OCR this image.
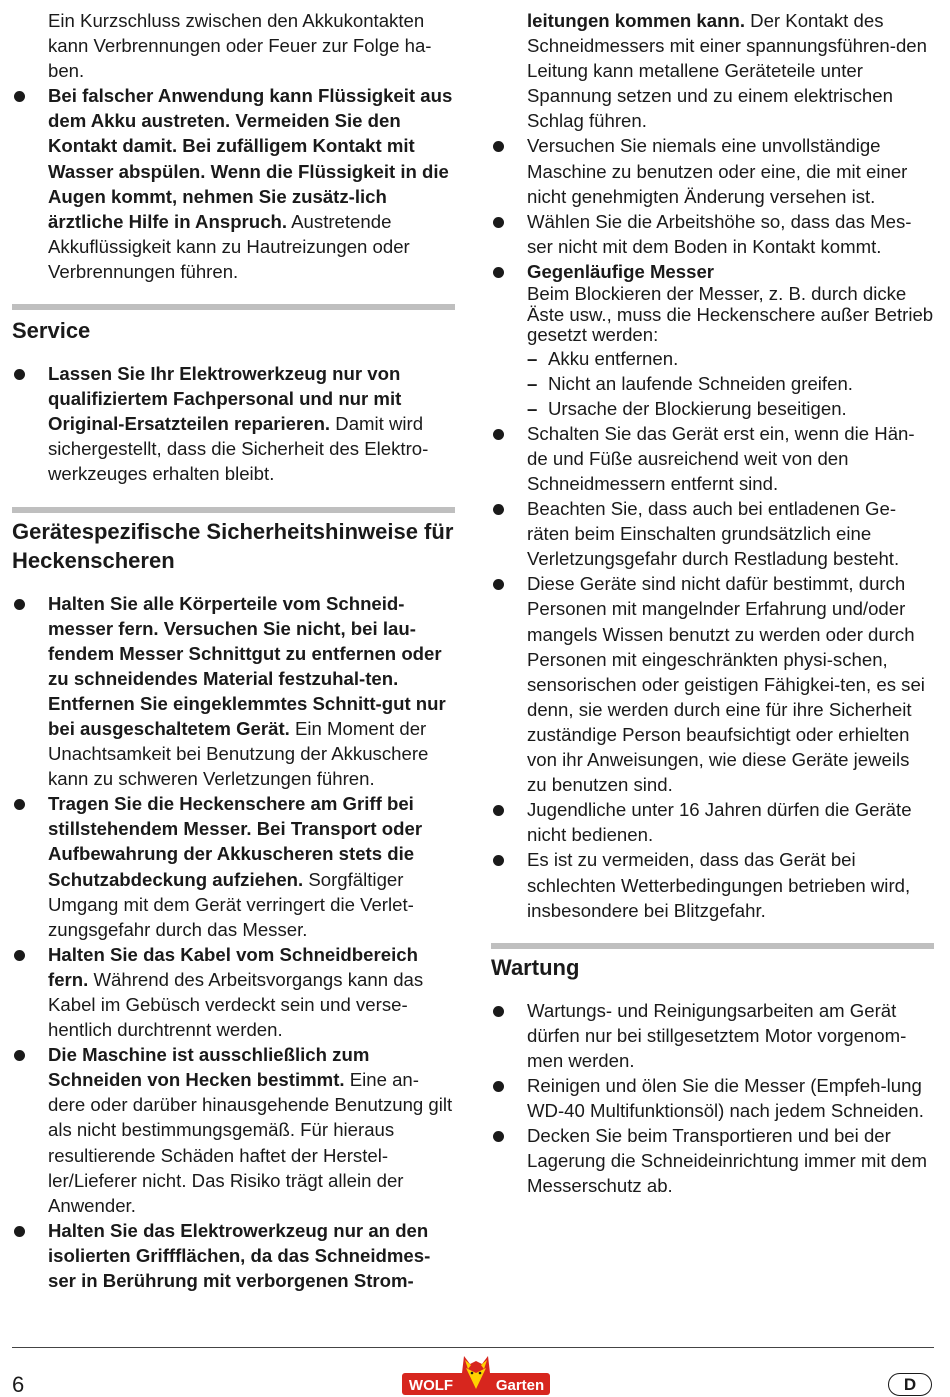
Ein Kurzschluss zwischen den Akkukontakten kann Verbrennungen oder Feuer zur Folge ha-ben.

Bei falscher Anwendung kann Flüssigkeit aus dem Akku austreten. Vermeiden Sie den Kontakt damit. Bei zufälligem Kontakt mit Wasser abspülen. Wenn die Flüssigkeit in die Augen kommt, nehmen Sie zusätz-lich ärztliche Hilfe in Anspruch. Austretende Akkuflüssigkeit kann zu Hautreizungen oder Verbrennungen führen.
Service
Lassen Sie Ihr Elektrowerkzeug nur von qualifiziertem Fachpersonal und nur mit Original-Ersatzteilen reparieren. Damit wird sichergestellt, dass die Sicherheit des Elektro-werkzeuges erhalten bleibt.
Gerätespezifische Sicherheitshinweise für Heckenscheren
Halten Sie alle Körperteile vom Schneid-messer fern. Versuchen Sie nicht, bei lau-fendem Messer Schnittgut zu entfernen oder zu schneidendes Material festzuhal-ten. Entfernen Sie eingeklemmtes Schnitt-gut nur bei ausgeschaltetem Gerät. Ein Moment der Unachtsamkeit bei Benutzung der Akkuschere kann zu schweren Verletzungen führen.
Tragen Sie die Heckenschere am Griff bei stillstehendem Messer. Bei Transport oder Aufbewahrung der Akkuscheren stets die Schutzabdeckung aufziehen. Sorgfältiger Umgang mit dem Gerät verringert die Verlet-zungsgefahr durch das Messer.
Halten Sie das Kabel vom Schneidbereich fern. Während des Arbeitsvorgangs kann das Kabel im Gebüsch verdeckt sein und verse-hentlich durchtrennt werden.
Die Maschine ist ausschließlich zum Schneiden von Hecken bestimmt. Eine an-dere oder darüber hinausgehende Benutzung gilt als nicht bestimmungsgemäß. Für hieraus resultierende Schäden haftet der Herstel-ler/Lieferer nicht. Das Risiko trägt allein der Anwender.
Halten Sie das Elektrowerkzeug nur an den isolierten Griffflächen, da das Schneidmes-ser in Berührung mit verborgenen Strom-

leitungen kommen kann. Der Kontakt des Schneidmessers mit einer spannungsführen-den Leitung kann metallene Geräteteile unter Spannung setzen und zu einem elektrischen Schlag führen.

Versuchen Sie niemals eine unvollständige Maschine zu benutzen oder eine, die mit einer nicht genehmigten Änderung versehen ist.
Wählen Sie die Arbeitshöhe so, dass das Mes-ser nicht mit dem Boden in Kontakt kommt.
Gegenläufige Messer
Beim Blockieren der Messer, z. B. durch dicke Äste usw., muss die Heckenschere außer Betrieb gesetzt werden:
– Akku entfernen.
– Nicht an laufende Schneiden greifen.
– Ursache der Blockierung beseitigen.
Schalten Sie das Gerät erst ein, wenn die Hän-de und Füße ausreichend weit von den Schneidmessern entfernt sind.
Beachten Sie, dass auch bei entladenen Ge-räten beim Einschalten grundsätzlich eine Verletzungsgefahr durch Restladung besteht.
Diese Geräte sind nicht dafür bestimmt, durch Personen mit mangelnder Erfahrung und/oder mangels Wissen benutzt zu werden oder durch Personen mit eingeschränkten physi-schen, sensorischen oder geistigen Fähigkei-ten, es sei denn, sie werden durch eine für ihre Sicherheit zuständige Person beaufsichtigt oder erhielten von ihr Anweisungen, wie diese Geräte jeweils zu benutzen sind.
Jugendliche unter 16 Jahren dürfen die Geräte nicht bedienen.
Es ist zu vermeiden, dass das Gerät bei schlechten Wetterbedingungen betrieben wird, insbesondere bei Blitzgefahr.
Wartung
Wartungs- und Reinigungsarbeiten am Gerät dürfen nur bei stillgesetztem Motor vorgenom-men werden.
Reinigen und ölen Sie die Messer (Empfeh-lung WD-40 Multifunktionsöl) nach jedem Schneiden.
Decken Sie beim Transportieren und bei der Lagerung die Schneideinrichtung immer mit dem Messerschutz ab.
6	WOLF	Garten	D
